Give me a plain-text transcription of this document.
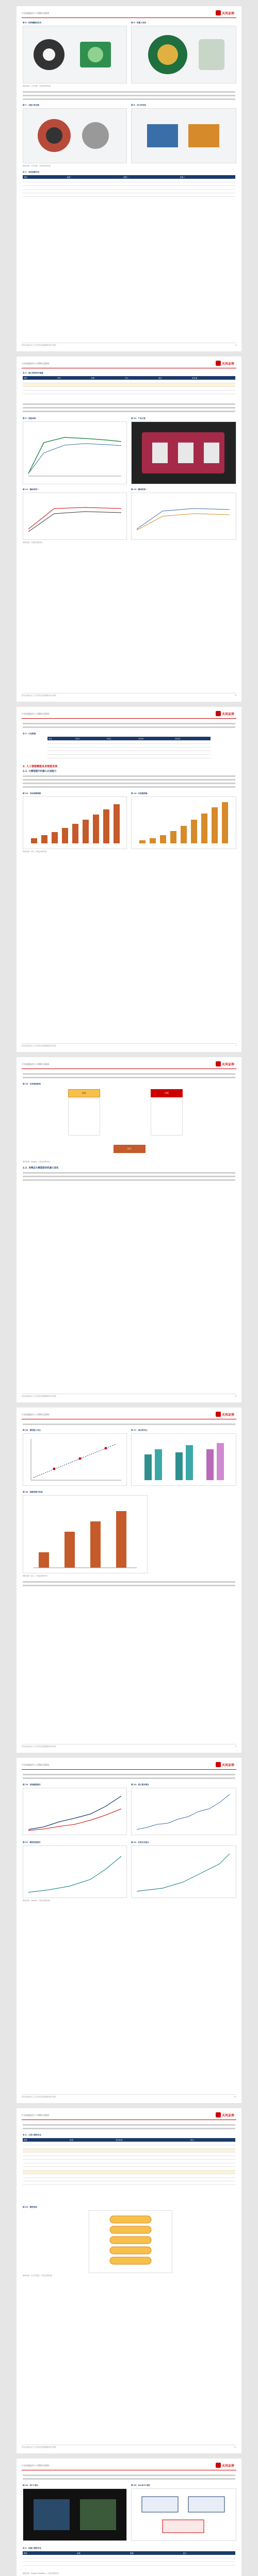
行业深度报告 | 计算机/互联网	天风证券
图 5：钕铁硼磁材应用	图 6：机器人电机
资料来源：公司官网，天风证券研究所
图 7：无框力矩电机	图 8：空心杯电机
资料来源：公司官网，天风证券研究所
表 1：电机参数对比
类别	参数一	参数二	参数三

请务必阅读正文之后的信息披露和免责申明	5
行业深度报告 | 计算机/互联网	天风证券
表 2：核心零部件价值量
部件	型号	价格	占比	备注	供应商

图 9：性能曲线	图 10：产品示意
图 11：测试结果一	图 12：测试结果二
资料来源：天风证券研究所
请务必阅读正文之后的信息披露和免责申明	6
行业深度报告 | 计算机/互联网	天风证券
表 3：行业数据
项目	2021	2022	2023E	2024E

2. 人工智能赋能具身智能发展
2.1. 大模型提升机器人认知能力
图 13：市场规模预测	图 14：出货量预测
资料来源：IFR，天风证券研究所
请务必阅读正文之后的信息披露和免责申明	7
行业深度报告 | 计算机/互联网	天风证券
图 15：具身智能框架
感知	决策
执行
资料来源：Google，天风证券研究所
2.2. 多模态大模型驱动机器人进化
请务必阅读正文之后的信息披露和免责申明	8
行业深度报告 | 计算机/互联网	天风证券
图 16：模型能力对比	图 17：成功率对比
图 18：参数规模与性能
资料来源：论文，天风证券研究所
请务必阅读正文之后的信息披露和免责申明	9
行业深度报告 | 计算机/互联网	天风证券
图 19：训练数据增长	图 20：算力需求增长
图 21：模型性能提升	图 22：任务泛化能力
资料来源：OpenAI，天风证券研究所
请务必阅读正文之后的信息披露和免责申明	10
行业深度报告 | 计算机/互联网	天风证券
表 4：主要大模型对比
模型	机构	发布时间	特点

图 23：模型架构
资料来源：各公司官网，天风证券研究所
请务必阅读正文之后的信息披露和免责申明	11
行业深度报告 | 计算机/互联网	天风证券
图 24：RT-2 演示	图 25：PaLM-E 架构
表 5：机器人模型对比
模型	参数	数据	能力

资料来源：Google DeepMind，天风证券研究所
